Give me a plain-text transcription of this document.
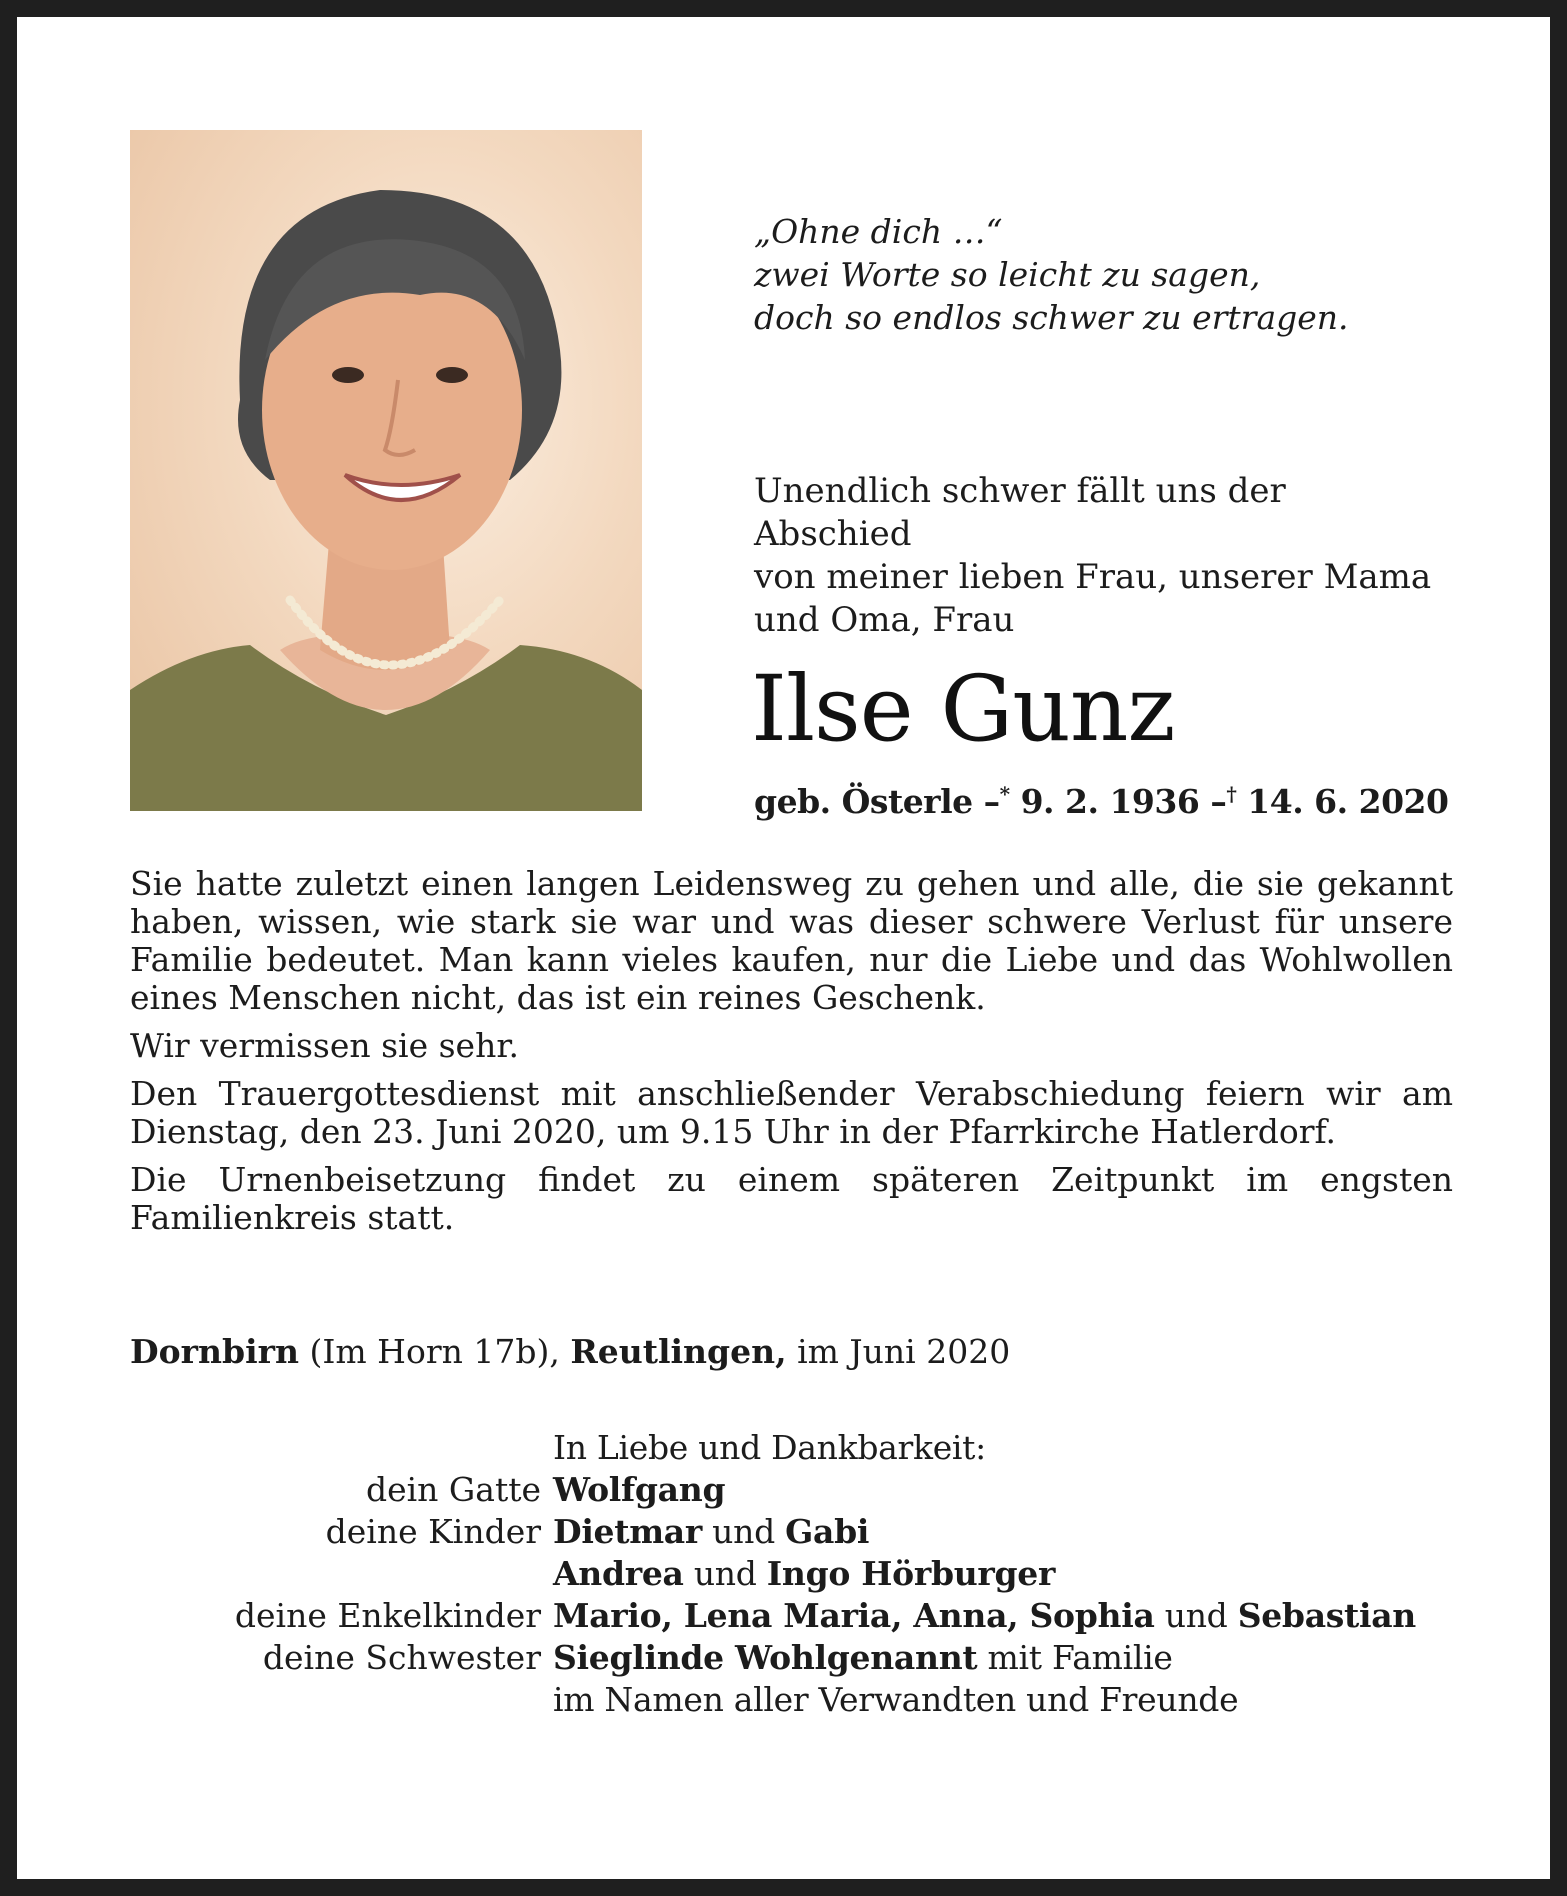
„Ohne dich …“
zwei Worte so leicht zu sagen,
doch so endlos schwer zu ertragen.
Unendlich schwer fällt uns der Abschied
von meiner lieben Frau, unserer Mama
und Oma, Frau
Ilse Gunz
geb. Österle –* 9. 2. 1936 –† 14. 6. 2020

Sie hatte zuletzt einen langen Leidensweg zu gehen und alle, die sie gekannt haben, wissen, wie stark sie war und was dieser schwere Verlust für unsere Familie bedeutet. Man kann vieles kaufen, nur die Liebe und das Wohlwollen eines Menschen nicht, das ist ein reines Geschenk.

Wir vermissen sie sehr.

Den Trauergottesdienst mit anschließender Verabschiedung feiern wir am Dienstag, den 23. Juni 2020, um 9.15 Uhr in der Pfarrkirche Hatlerdorf.

Die Urnenbeisetzung findet zu einem späteren Zeitpunkt im engsten Familienkreis statt.

Dornbirn (Im Horn 17b), Reutlingen, im Juni 2020
In Liebe und Dankbarkeit:
dein Gatte Wolfgang
deine Kinder Dietmar und Gabi
Andrea und Ingo Hörburger
deine Enkelkinder Mario, Lena Maria, Anna, Sophia und Sebastian
deine Schwester Sieglinde Wohlgenannt mit Familie
im Namen aller Verwandten und Freunde
